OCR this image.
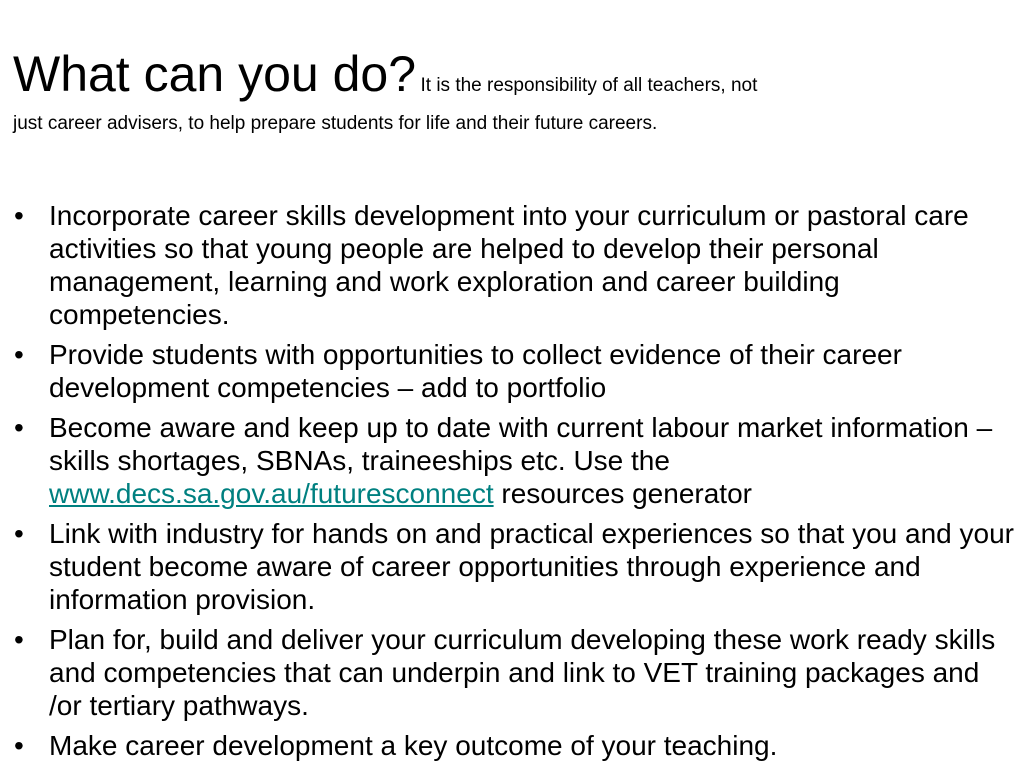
What can you do? It is the responsibility of all teachers, not
just career advisers, to help prepare students for life and their future careers.
• Incorporate career skills development into your curriculum or pastoral care activities so that young people are helped to develop their personal management, learning and work exploration and career building competencies.
• Provide students with opportunities to collect evidence of their career development competencies – add to portfolio
• Become aware and keep up to date with current labour market information – skills shortages, SBNAs, traineeships etc. Use the www.decs.sa.gov.au/futuresconnect resources generator
• Link with industry for hands on and practical experiences so that you and your student become aware of career opportunities through experience and information provision.
• Plan for, build and deliver your curriculum developing these work ready skills and competencies that can underpin and link to VET training packages and /or tertiary pathways.
• Make career development a key outcome of your teaching.
